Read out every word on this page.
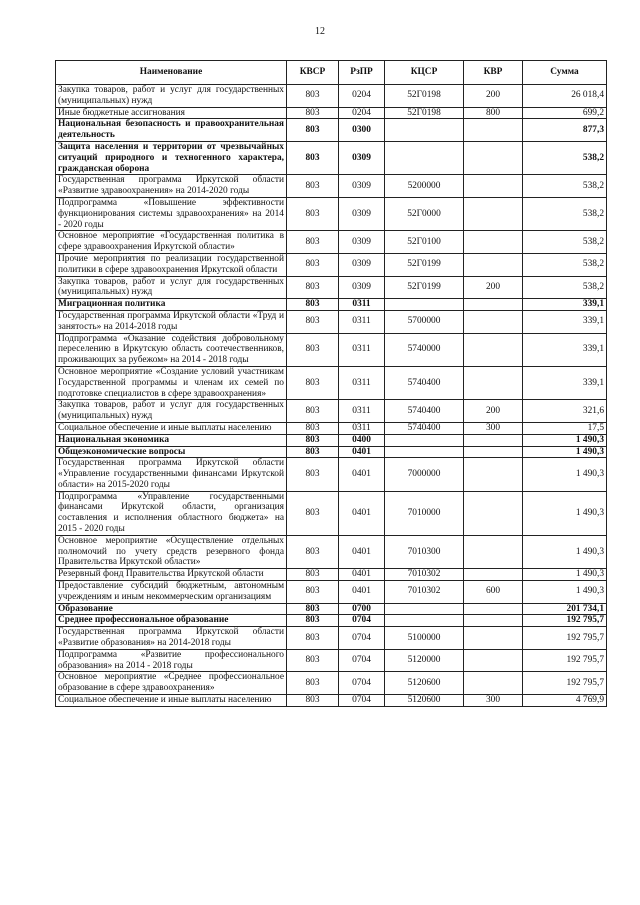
12
Наименование	КВСР	РзПР	КЦСР	КВР	Сумма
Закупка товаров, работ и услуг для государственных (муниципальных) нужд	803	0204	52Г0198	200	26 018,4
Иные бюджетные ассигнования	803	0204	52Г0198	800	699,2
Национальная безопасность и правоохранительная деятельность	803	0300			877,3
Защита населения и территории от чрезвычайных ситуаций природного и техногенного характера, гражданская оборона	803	0309			538,2
Государственная программа Иркутской области «Развитие здравоохранения» на 2014-2020 годы	803	0309	5200000		538,2
Подпрограмма «Повышение эффективности функционирования системы здравоохранения» на 2014 - 2020 годы	803	0309	52Г0000		538,2
Основное мероприятие «Государственная политика в сфере здравоохранения Иркутской области»	803	0309	52Г0100		538,2
Прочие мероприятия по реализации государственной политики в сфере здравоохранения Иркутской области	803	0309	52Г0199		538,2
Закупка товаров, работ и услуг для государственных (муниципальных) нужд	803	0309	52Г0199	200	538,2
Миграционная политика	803	0311			339,1
Государственная программа Иркутской области «Труд и занятость» на 2014-2018 годы	803	0311	5700000		339,1
Подпрограмма «Оказание содействия добровольному переселению в Иркутскую область соотечественников, проживающих за рубежом» на 2014 - 2018 годы	803	0311	5740000		339,1
Основное мероприятие «Создание условий участникам Государственной программы и членам их семей по подготовке специалистов в сфере здравоохранения»	803	0311	5740400		339,1
Закупка товаров, работ и услуг для государственных (муниципальных) нужд	803	0311	5740400	200	321,6
Социальное обеспечение и иные выплаты населению	803	0311	5740400	300	17,5
Национальная экономика	803	0400			1 490,3
Общеэкономические вопросы	803	0401			1 490,3
Государственная программа Иркутской области «Управление государственными финансами Иркутской области» на 2015-2020 годы	803	0401	7000000		1 490,3
Подпрограмма «Управление государственными финансами Иркутской области, организация составления и исполнения областного бюджета» на 2015 - 2020 годы	803	0401	7010000		1 490,3
Основное мероприятие «Осуществление отдельных полномочий по учету средств резервного фонда Правительства Иркутской области»	803	0401	7010300		1 490,3
Резервный фонд Правительства Иркутской области	803	0401	7010302		1 490,3
Предоставление субсидий бюджетным, автономным учреждениям и иным некоммерческим организациям	803	0401	7010302	600	1 490,3
Образование	803	0700			201 734,1
Среднее профессиональное образование	803	0704			192 795,7
Государственная программа Иркутской области «Развитие образования» на 2014-2018 годы	803	0704	5100000		192 795,7
Подпрограмма «Развитие профессионального образования» на 2014 - 2018 годы	803	0704	5120000		192 795,7
Основное мероприятие «Среднее профессиональное образование в сфере здравоохранения»	803	0704	5120600		192 795,7
Социальное обеспечение и иные выплаты населению	803	0704	5120600	300	4 769,9
